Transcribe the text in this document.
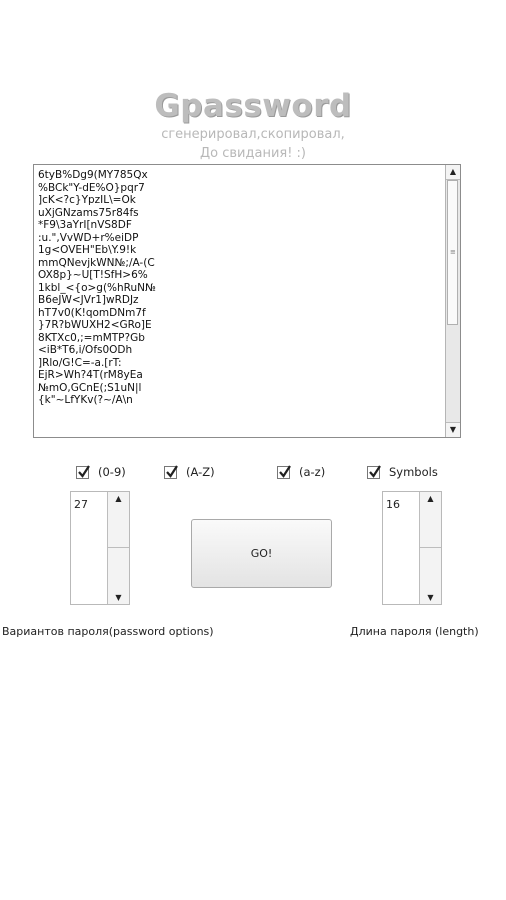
Gpassword
сгенерировал,скопировал,
До свидания! :)
6tyB%Dg9(MY785Qx
%BCk"Y-dE%O}pqr7
]cK<?c}YpzIL\=Ok
uXjGNzams75r84fs
*F9\3aYrI[nVS8DF
:u.",VvWD+r%eiDP
1g<OVEH"Eb\Y.9!k
mmQNevjkWN№;/A-(C
OX8p}~U[T!SfH>6%
1kbl_<{o>g(%hRuN№
B6eJW<JVr1]wRDJz
hT7v0(K!qomDNm7f
}7R?bWUXH2<GRo]E
8KTXc0,;=mMTP?Gb
<iB*T6,i/Ofs0ODh
]Rlo/G!C=-a.[rT:
EjR>Wh?4T(rM8yEa
№mO,GCnE(;S1uN|l
{k"~LfYKv(?~/A\n
▲
≡
▼
(0-9)	(A-Z)	(a-z)	Symbols
27	▲
▼
GO!
16	▲
▼
Вариантов пароля(password options)	Длина пароля (length)
